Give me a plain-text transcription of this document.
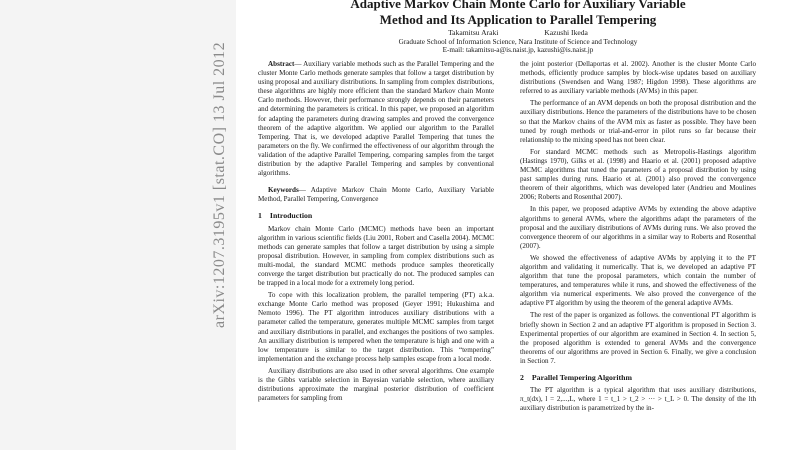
Adaptive Markov Chain Monte Carlo for Auxiliary Variable
Method and Its Application to Parallel Tempering
Takamitsu Araki	Kazushi Ikeda
Graduate School of Information Science, Nara Institute of Science and Technology
E-mail: takamitsu-a@is.naist.jp, kazushi@is.naist.jp

Abstract— Auxiliary variable methods such as the Parallel Tempering and the cluster Monte Carlo methods generate samples that follow a target distribution by using proposal and auxiliary distributions. In sampling from complex distributions, these algorithms are highly more efficient than the standard Markov chain Monte Carlo methods. However, their performance strongly depends on their parameters and determining the parameters is critical. In this paper, we proposed an algorithm for adapting the parameters during drawing samples and proved the convergence theorem of the adaptive algorithm. We applied our algorithm to the Parallel Tempering. That is, we developed adaptive Parallel Tempering that tunes the parameters on the fly. We confirmed the effectiveness of our algorithm through the validation of the adaptive Parallel Tempering, comparing samples from the target distribution by the adaptive Parallel Tempering and samples by conventional algorithms.

Keywords— Adaptive Markov Chain Monte Carlo, Auxiliary Variable Method, Parallel Tempering, Convergence

1 Introduction

Markov chain Monte Carlo (MCMC) methods have been an important algorithm in various scientific fields (Liu 2001, Robert and Casella 2004). MCMC methods can generate samples that follow a target distribution by using a simple proposal distribution. However, in sampling from complex distributions such as multi-modal, the standard MCMC methods produce samples theoretically converge the target distribution but practically do not. The produced samples can be trapped in a local mode for a extremely long period.

To cope with this localization problem, the parallel tempering (PT) a.k.a. exchange Monte Carlo method was proposed (Geyer 1991; Hukushima and Nemoto 1996). The PT algorithm introduces auxiliary distributions with a parameter called the temperature, generates multiple MCMC samples from target and auxiliary distributions in parallel, and exchanges the positions of two samples. An auxiliary distribution is tempered when the temperature is high and one with a low temperature is similar to the target distribution. This “tempering” implementation and the exchange process help samples escape from a local mode.

Auxiliary distributions are also used in other several algorithms. One example is the Gibbs variable selection in Bayesian variable selection, where auxiliary distributions approximate the marginal posterior distribution of coefficient parameters for sampling from

the joint posterior (Dellaportas et al. 2002). Another is the cluster Monte Carlo methods, efficiently produce samples by block-wise updates based on auxiliary distributions (Swendsen and Wang 1987; Higdon 1998). These algorithms are referred to as auxiliary variable methods (AVMs) in this paper.

The performance of an AVM depends on both the proposal distribution and the auxiliary distributions. Hence the parameters of the distributions have to be chosen so that the Markov chains of the AVM mix as faster as possible. They have been tuned by rough methods or trial-and-error in pilot runs so far because their relationship to the mixing speed has not been clear.

For standard MCMC methods such as Metropolis-Hastings algorithm (Hastings 1970), Gilks et al. (1998) and Haario et al. (2001) proposed adaptive MCMC algorithms that tuned the parameters of a proposal distribution by using past samples during runs. Haario et al. (2001) also proved the convergence theorem of their algorithms, which was developed later (Andrieu and Moulines 2006; Roberts and Rosenthal 2007).

In this paper, we proposed adaptive AVMs by extending the above adaptive algorithms to general AVMs, where the algorithms adapt the parameters of the proposal and the auxiliary distributions of AVMs during runs. We also proved the convergence theorem of our algorithms in a similar way to Roberts and Rosenthal (2007).

We showed the effectiveness of adaptive AVMs by applying it to the PT algorithm and validating it numerically. That is, we developed an adaptive PT algorithm that tune the proposal parameters, which contain the number of temperatures, and temperatures while it runs, and showed the effectiveness of the algorithm via numerical experiments. We also proved the convergence of the adaptive PT algorithm by using the theorem of the general adaptive AVMs.

The rest of the paper is organized as follows. the conventional PT algorithm is briefly shown in Section 2 and an adaptive PT algorithm is proposed in Section 3. Experimental properties of our algorithm are examined in Section 4. In section 5, the proposed algorithm is extended to general AVMs and the convergence theorems of our algorithms are proved in Section 6. Finally, we give a conclusion in Section 7.

2 Parallel Tempering Algorithm

The PT algorithm is a typical algorithm that uses auxiliary distributions, π_t(dx), l = 2,...,L, where 1 = t_1 > t_2 > ··· > t_L > 0. The density of the lth auxiliary distribution is parametrized by the in-

arXiv:1207.3195v1 [stat.CO] 13 Jul 2012
